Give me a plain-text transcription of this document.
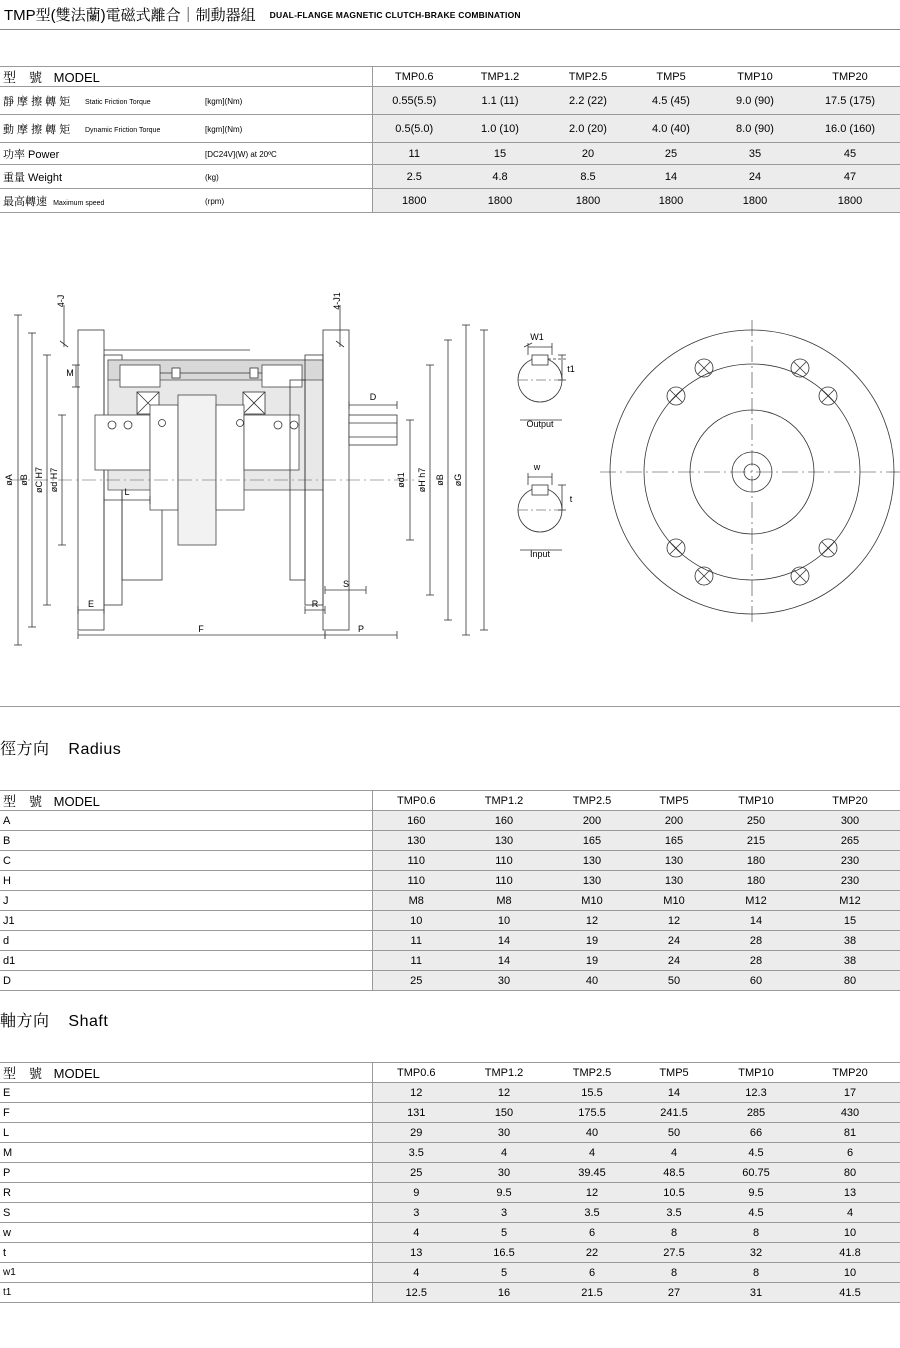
TMP型(雙法蘭)電磁式離合｜制動器組 DUAL-FLANGE MAGNETIC CLUTCH-BRAKE COMBINATION
型　號 MODEL			TMP0.6	TMP1.2	TMP2.5	TMP5	TMP10	TMP20
靜 摩 擦 轉 矩	Static Friction Torque	[kgm](Nm)	0.55(5.5)	1.1 (11)	2.2 (22)	4.5 (45)	9.0 (90)	17.5 (175)
動 摩 擦 轉 矩	Dynamic Friction Torque	[kgm](Nm)	0.5(5.0)	1.0 (10)	2.0 (20)	4.0 (40)	8.0 (90)	16.0 (160)
功率 Power		[DC24V](W) at 20ºC	11	15	20	25	35	45
重量 Weight		(kg)	2.5	4.8	8.5	14	24	47
最高轉速 Maximum speed		(rpm)	1800	1800	1800	1800	1800	1800
4-J	4-J1
øA øB øC H7 ød H7
M
L
E
F
D
ød1 øH h7 øB øG
S
R
P
W1
t1
Output
w
t
Input
徑方向 Radius
型　號 MODEL	TMP0.6	TMP1.2	TMP2.5	TMP5	TMP10	TMP20
A	160	160	200	200	250	300
B	130	130	165	165	215	265
C	110	110	130	130	180	230
H	110	110	130	130	180	230
J	M8	M8	M10	M10	M12	M12
J1	10	10	12	12	14	15
d	11	14	19	24	28	38
d1	11	14	19	24	28	38
D	25	30	40	50	60	80
軸方向 Shaft
型　號 MODEL	TMP0.6	TMP1.2	TMP2.5	TMP5	TMP10	TMP20
E	12	12	15.5	14	12.3	17
F	131	150	175.5	241.5	285	430
L	29	30	40	50	66	81
M	3.5	4	4	4	4.5	6
P	25	30	39.45	48.5	60.75	80
R	9	9.5	12	10.5	9.5	13
S	3	3	3.5	3.5	4.5	4
w	4	5	6	8	8	10
t	13	16.5	22	27.5	32	41.8
w1	4	5	6	8	8	10
t1	12.5	16	21.5	27	31	41.5
